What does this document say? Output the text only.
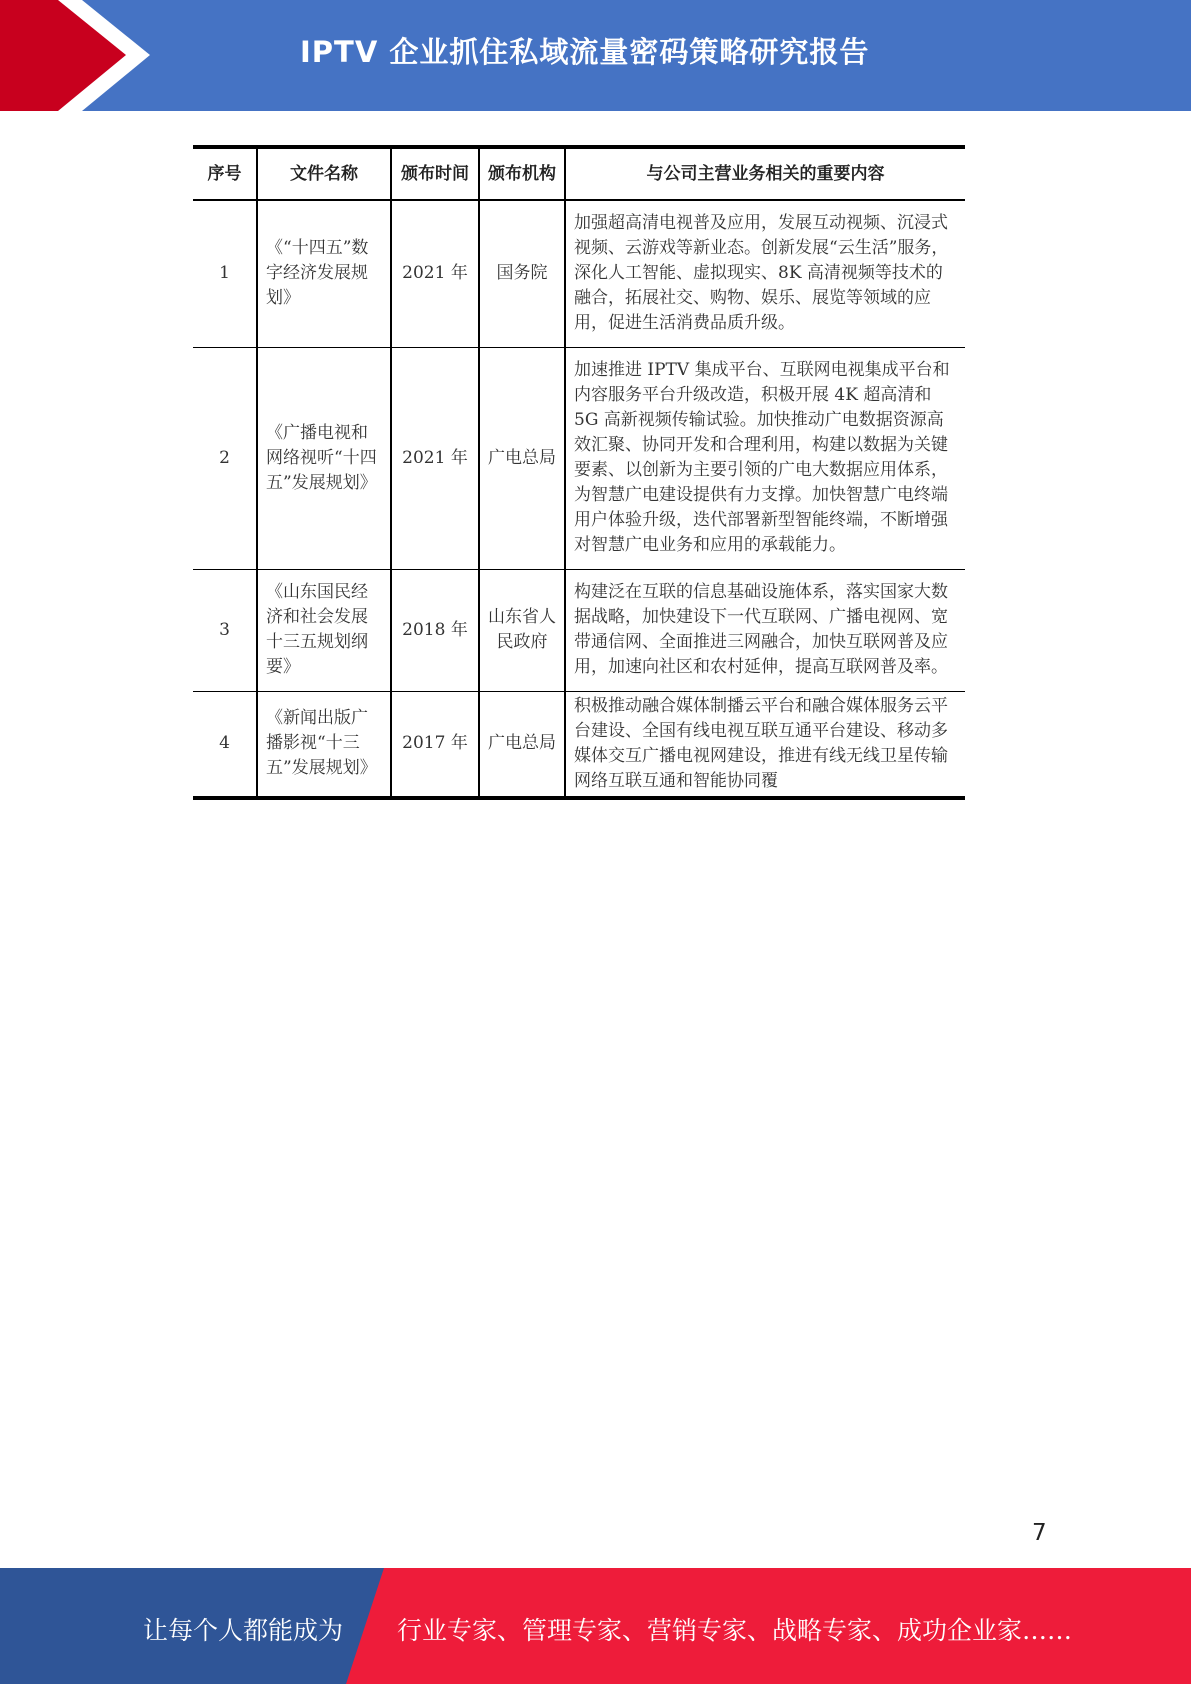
IPTV 企业抓住私域流量密码策略研究报告
序号	文件名称	颁布时间	颁布机构	与公司主营业务相关的重要内容
1	《“十四五”数字经济发展规划》	2021 年	国务院	加强超高清电视普及应用，发展互动视频、沉浸式视频、云游戏等新业态。创新发展“云生活”服务，深化人工智能、虚拟现实、8K 高清视频等技术的融合，拓展社交、购物、娱乐、展览等领域的应用，促进生活消费品质升级。
2	《广播电视和网络视听“十四五”发展规划》	2021 年	广电总局	加速推进 IPTV 集成平台、互联网电视集成平台和内容服务平台升级改造，积极开展 4K 超高清和 5G 高新视频传输试验。加快推动广电数据资源高效汇聚、协同开发和合理利用，构建以数据为关键要素、以创新为主要引领的广电大数据应用体系，为智慧广电建设提供有力支撑。加快智慧广电终端用户体验升级，迭代部署新型智能终端，不断增强对智慧广电业务和应用的承载能力。
3	《山东国民经济和社会发展十三五规划纲要》	2018 年	山东省人民政府	构建泛在互联的信息基础设施体系，落实国家大数据战略，加快建设下一代互联网、广播电视网、宽带通信网、全面推进三网融合，加快互联网普及应用，加速向社区和农村延伸，提高互联网普及率。
4	《新闻出版广播影视“十三五”发展规划》	2017 年	广电总局	积极推动融合媒体制播云平台和融合媒体服务云平台建设、全国有线电视互联互通平台建设、移动多媒体交互广播电视网建设，推进有线无线卫星传输网络互联互通和智能协同覆
7
让每个人都能成为 行业专家、管理专家、营销专家、战略专家、成功企业家……
